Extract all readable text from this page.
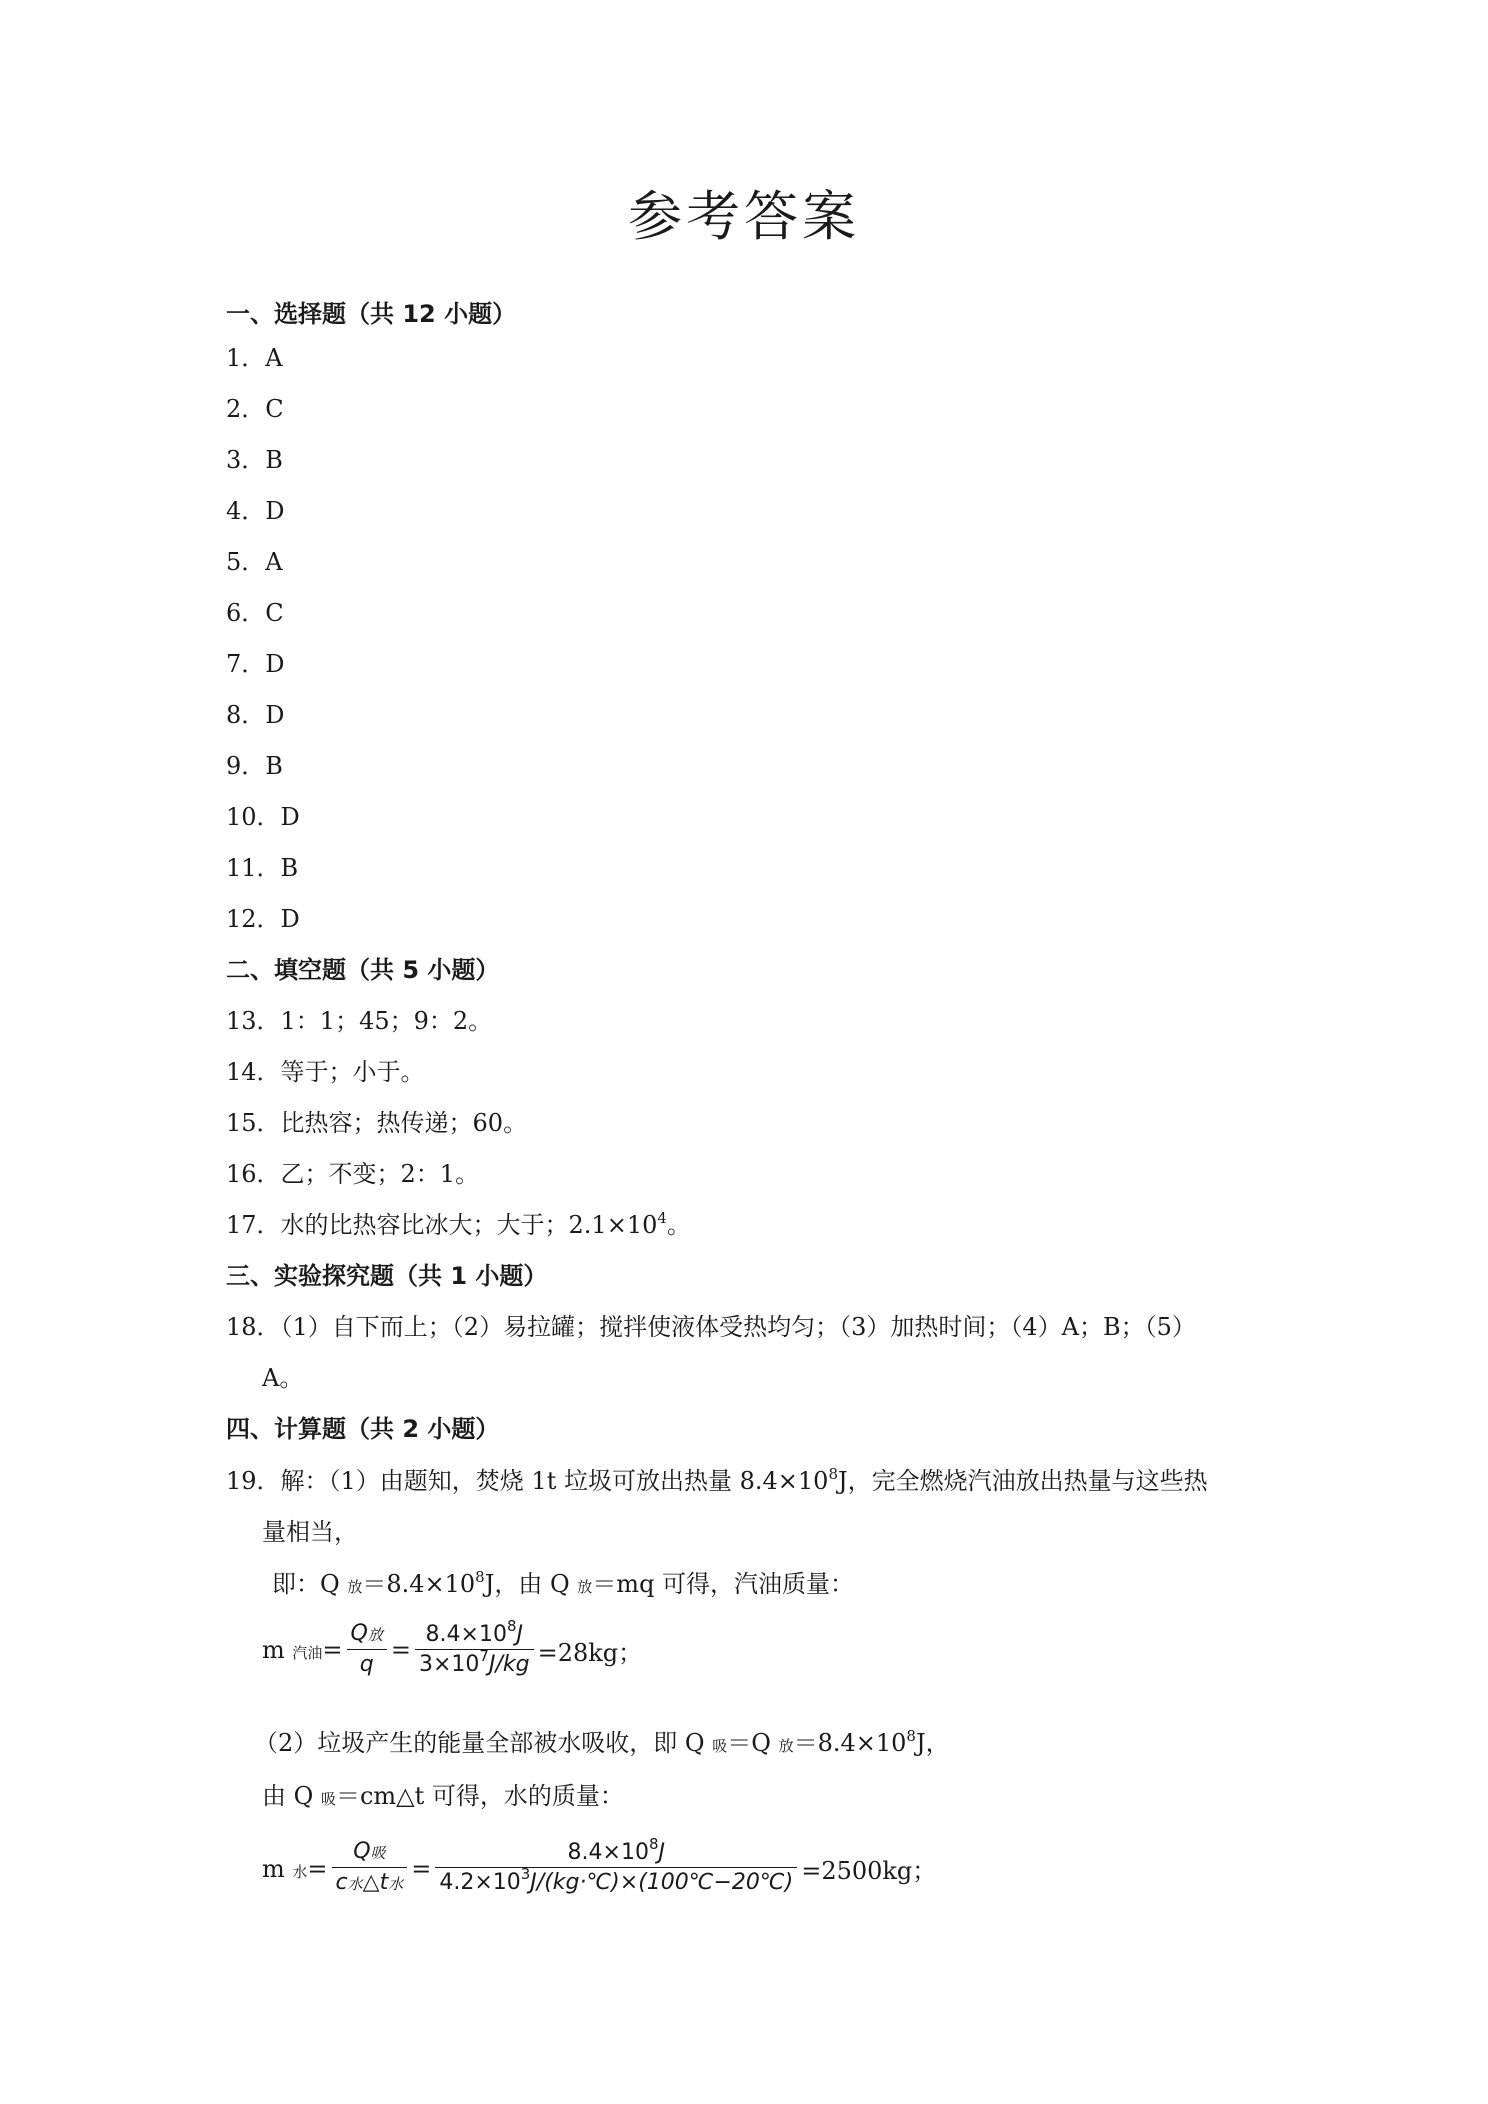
参考答案
一、选择题（共 12 小题）
1．A
2．C
3．B
4．D
5．A
6．C
7．D
8．D
9．B
10．D
11．B
12．D
二、填空题（共 5 小题）
13．1：1；45；9：2。
14．等于；小于。
15．比热容；热传递；60。
16．乙；不变；2：1。
17．水的比热容比冰大；大于；$2.1\times 10^4$。
三、实验探究题（共 1 小题）
18．（1）自下而上；（2）易拉罐；搅拌使液体受热均匀；（3）加热时间；（4）A；B；（5）
A。
四、计算题（共 2 小题）
19．解：（1）由题知，焚烧 1t 垃圾可放出热量 $8.4\times 10^8J$，完全燃烧汽油放出热量与这些热
量相当，
即：Q 放$=8.4\times 10^8J$，由 Q 放＝mq 可得，汽油质量：
m 汽油= $\frac{\text{Q放}}{q} = \frac{8.4\times 10^8J}{3\times 10^7J/kg} =28kg$；
（2）垃圾产生的能量全部被水吸收，即 Q 吸＝Q 放$=8.4\times 10^8J$，
由 Q 吸＝cm△t 可得，水的质量：
m 水= $\frac{\text{Q吸}}{\text{c水△t水}} = \frac{8.4\times 10^8J}{4.2\times 10^3J/(kg\cdot℃)\times(100℃-20℃)} =2500kg$；
